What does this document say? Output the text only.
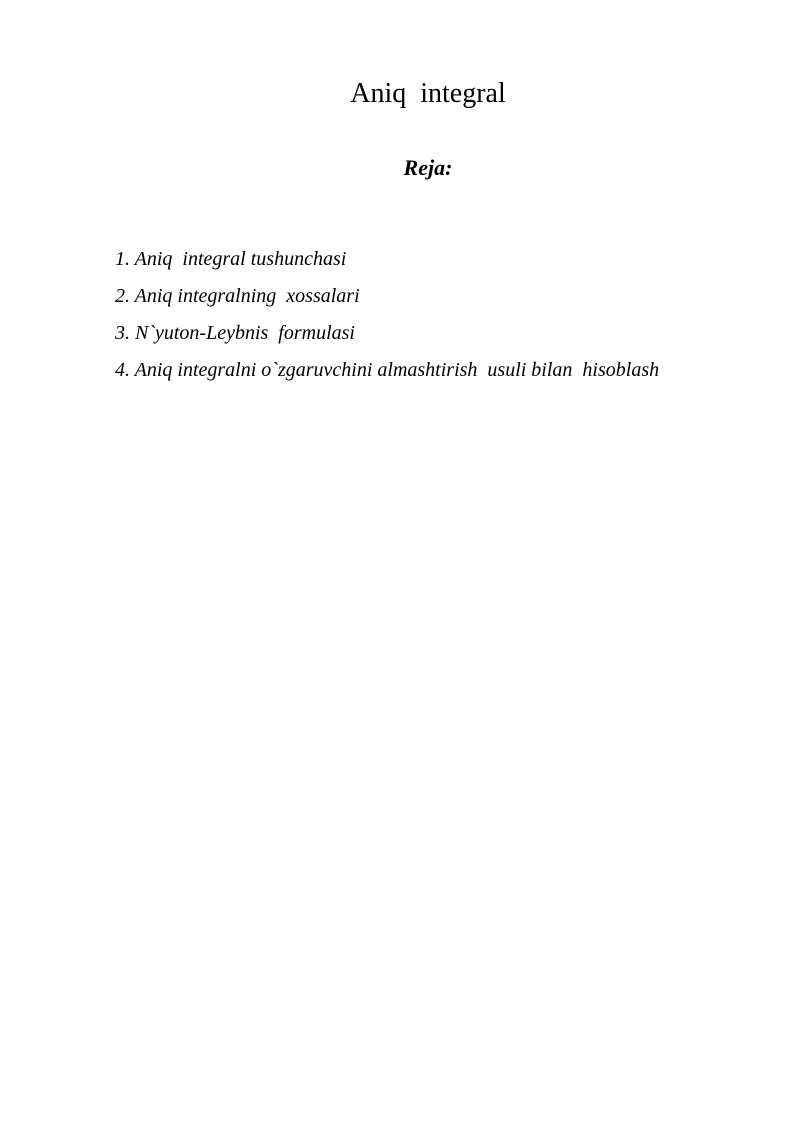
Aniq  integral
Reja:
1. Aniq  integral tushunchasi
2. Aniq integralning  xossalari
3. N`yuton-Leybnis  formulasi
4. Aniq integralni o`zgaruvchini almashtirish  usuli bilan  hisoblash
